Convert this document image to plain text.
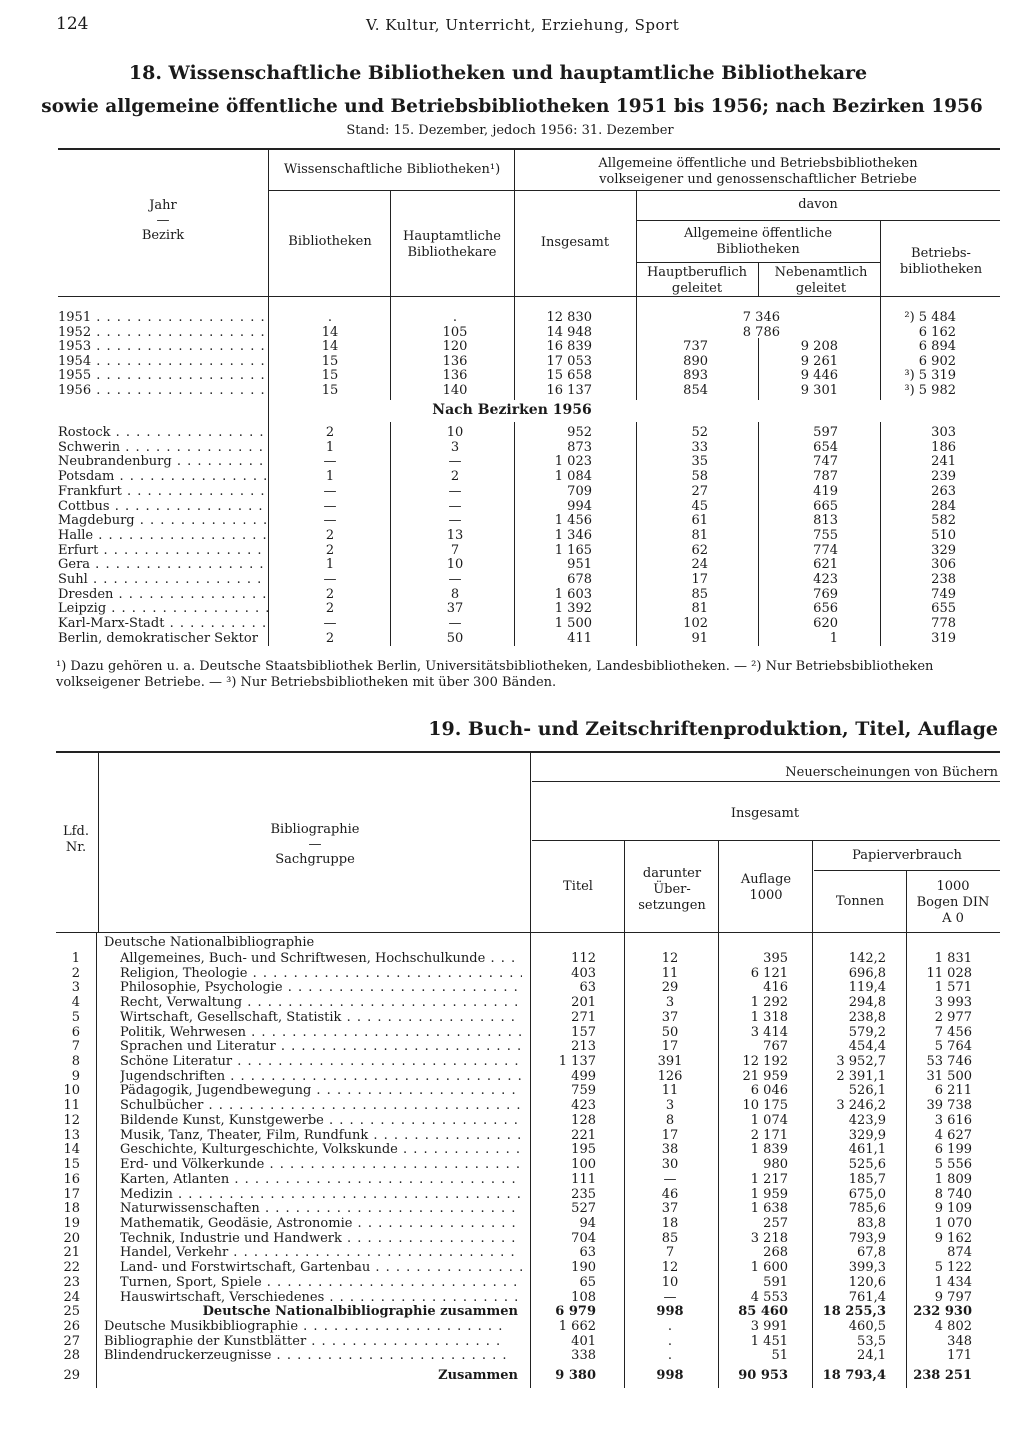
124	V. Kultur, Unterricht, Erziehung, Sport
18. Wissenschaftliche Bibliotheken und hauptamtliche Bibliothekare
sowie allgemeine öffentliche und Betriebsbibliotheken 1951 bis 1956; nach Bezirken 1956
Stand: 15. Dezember, jedoch 1956: 31. Dezember
Jahr
—
Bezirk
Wissenschaftliche Bibliotheken¹)
Bibliotheken	Hauptamtliche Bibliothekare
Allgemeine öffentliche und Betriebsbibliotheken
volkseigener und genossenschaftlicher Betriebe
Insgesamt
davon
Allgemeine öffentliche Bibliotheken
Hauptberuflich geleitet
Nebenamtlich geleitet
Betriebs-bibliotheken
1951 . . .	.	.	12 830	7 346	²) 5 484
1952 . . .	14	105	14 948	8 786	6 162
1953 . . .	14	120	16 839	737	9 208	6 894
1954 . . .	15	136	17 053	890	9 261	6 902
1955 . . .	15	136	15 658	893	9 446	³) 5 319
1956 . . .	15	140	16 137	854	9 301	³) 5 982
Nach Bezirken 1956
Rostock . . .	2	10	952	52	597	303
Schwerin . . .	1	3	873	33	654	186
Neubrandenburg . . .	—	—	1 023	35	747	241
Potsdam . . .	1	2	1 084	58	787	239
Frankfurt . . .	—	—	709	27	419	263
Cottbus . . .	—	—	994	45	665	284
Magdeburg . . .	—	—	1 456	61	813	582
Halle . . .	2	13	1 346	81	755	510
Erfurt . . .	2	7	1 165	62	774	329
Gera . . .	1	10	951	24	621	306
Suhl . . .	—	—	678	17	423	238
Dresden . . .	2	8	1 603	85	769	749
Leipzig . . .	2	37	1 392	81	656	655
Karl-Marx-Stadt . . .	—	—	1 500	102	620	778
Berlin, demokratischer Sektor	2	50	411	91	1	319
¹) Dazu gehören u. a. Deutsche Staatsbibliothek Berlin, Universitätsbibliotheken, Landesbibliotheken. — ²) Nur Betriebsbibliotheken
volkseigener Betriebe. — ³) Nur Betriebsbibliotheken mit über 300 Bänden.
19. Buch- und Zeitschriftenproduktion, Titel, Auflage
Lfd. Nr.
Bibliographie
—
Sachgruppe
Neuerscheinungen von Büchern
Insgesamt
Titel
darunter Über-setzungen
Auflage 1000
Papierverbrauch
Tonnen
1000 Bogen DIN A 0
Deutsche Nationalbibliographie
1	Allgemeines, Buch- und Schriftwesen, Hochschulkunde . . .	112	12	395	142,2	1 831
2	Religion, Theologie . . .	403	11	6 121	696,8	11 028
3	Philosophie, Psychologie . . .	63	29	416	119,4	1 571
4	Recht, Verwaltung . . .	201	3	1 292	294,8	3 993
5	Wirtschaft, Gesellschaft, Statistik . . .	271	37	1 318	238,8	2 977
6	Politik, Wehrwesen . . .	157	50	3 414	579,2	7 456
7	Sprachen und Literatur . . .	213	17	767	454,4	5 764
8	Schöne Literatur . . .	1 137	391	12 192	3 952,7	53 746
9	Jugendschriften . . .	499	126	21 959	2 391,1	31 500
10	Pädagogik, Jugendbewegung . . .	759	11	6 046	526,1	6 211
11	Schulbücher . . .	423	3	10 175	3 246,2	39 738
12	Bildende Kunst, Kunstgewerbe . . .	128	8	1 074	423,9	3 616
13	Musik, Tanz, Theater, Film, Rundfunk . . .	221	17	2 171	329,9	4 627
14	Geschichte, Kulturgeschichte, Volkskunde . . .	195	38	1 839	461,1	6 199
15	Erd- und Völkerkunde . . .	100	30	980	525,6	5 556
16	Karten, Atlanten . . .	111	—	1 217	185,7	1 809
17	Medizin . . .	235	46	1 959	675,0	8 740
18	Naturwissenschaften . . .	527	37	1 638	785,6	9 109
19	Mathematik, Geodäsie, Astronomie . . .	94	18	257	83,8	1 070
20	Technik, Industrie und Handwerk . . .	704	85	3 218	793,9	9 162
21	Handel, Verkehr . . .	63	7	268	67,8	874
22	Land- und Forstwirtschaft, Gartenbau . . .	190	12	1 600	399,3	5 122
23	Turnen, Sport, Spiele . . .	65	10	591	120,6	1 434
24	Hauswirtschaft, Verschiedenes . . .	108	—	4 553	761,4	9 797
25	Deutsche Nationalbibliographie zusammen	6 979	998	85 460	18 255,3	232 930
26 Deutsche Musikbibliographie . . .	1 662	.	3 991	460,5	4 802
27 Bibliographie der Kunstblätter . . .	401	.	1 451	53,5	348
28 Blindendruckerzeugnisse . . .	338	.	51	24,1	171
29	Zusammen	9 380	998	90 953	18 793,4	238 251
